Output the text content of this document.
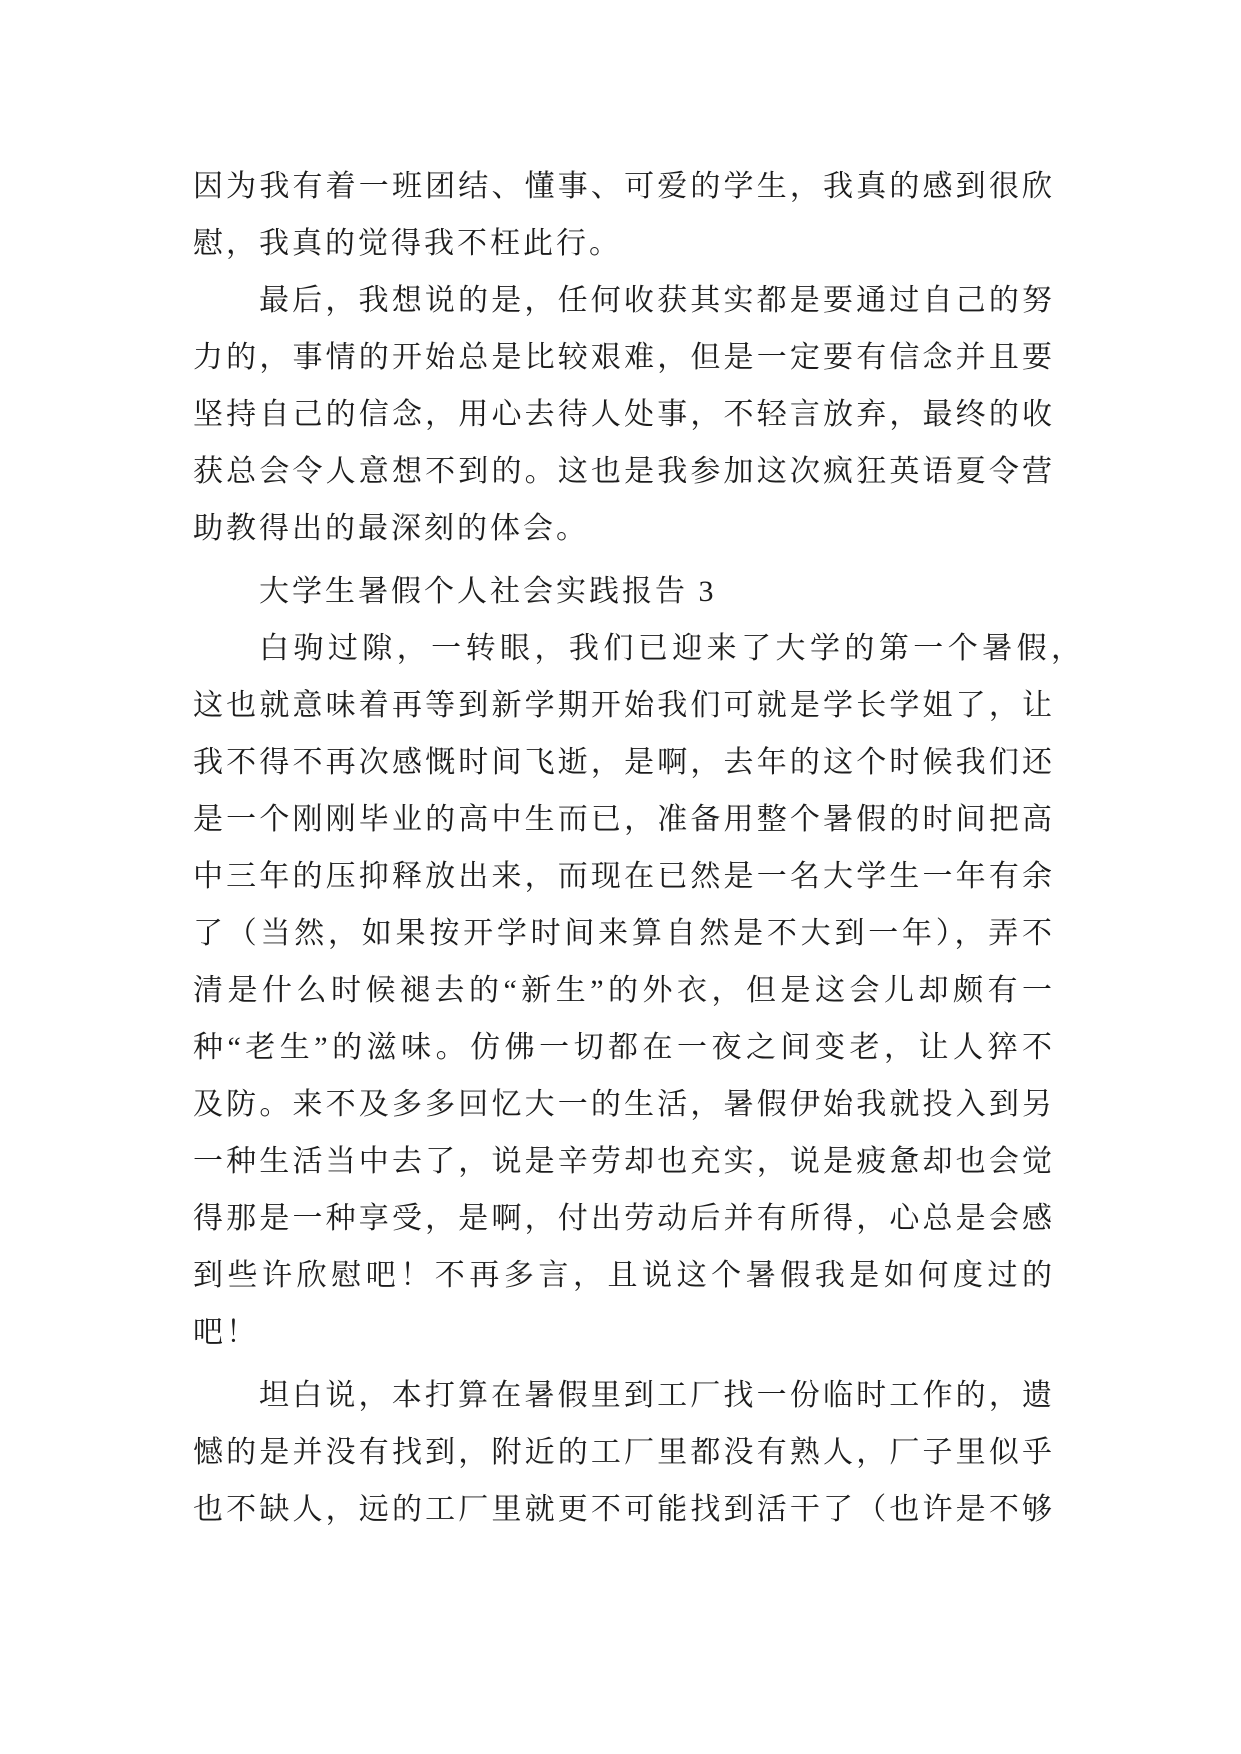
因为我有着一班团结、懂事、可爱的学生，我真的感到很欣
慰，我真的觉得我不枉此行。
最后，我想说的是，任何收获其实都是要通过自己的努
力的，事情的开始总是比较艰难，但是一定要有信念并且要
坚持自己的信念，用心去待人处事，不轻言放弃，最终的收
获总会令人意想不到的。这也是我参加这次疯狂英语夏令营
助教得出的最深刻的体会。
大学生暑假个人社会实践报告 3
白驹过隙，一转眼，我们已迎来了大学的第一个暑假，
这也就意味着再等到新学期开始我们可就是学长学姐了，让
我不得不再次感慨时间飞逝，是啊，去年的这个时候我们还
是一个刚刚毕业的高中生而已，准备用整个暑假的时间把高
中三年的压抑释放出来，而现在已然是一名大学生一年有余
了（当然，如果按开学时间来算自然是不大到一年），弄不
清是什么时候褪去的“新生”的外衣，但是这会儿却颇有一
种“老生”的滋味。仿佛一切都在一夜之间变老，让人猝不
及防。来不及多多回忆大一的生活，暑假伊始我就投入到另
一种生活当中去了，说是辛劳却也充实，说是疲惫却也会觉
得那是一种享受，是啊，付出劳动后并有所得，心总是会感
到些许欣慰吧！不再多言，且说这个暑假我是如何度过的
吧！
坦白说，本打算在暑假里到工厂找一份临时工作的，遗
憾的是并没有找到，附近的工厂里都没有熟人，厂子里似乎
也不缺人，远的工厂里就更不可能找到活干了（也许是不够
